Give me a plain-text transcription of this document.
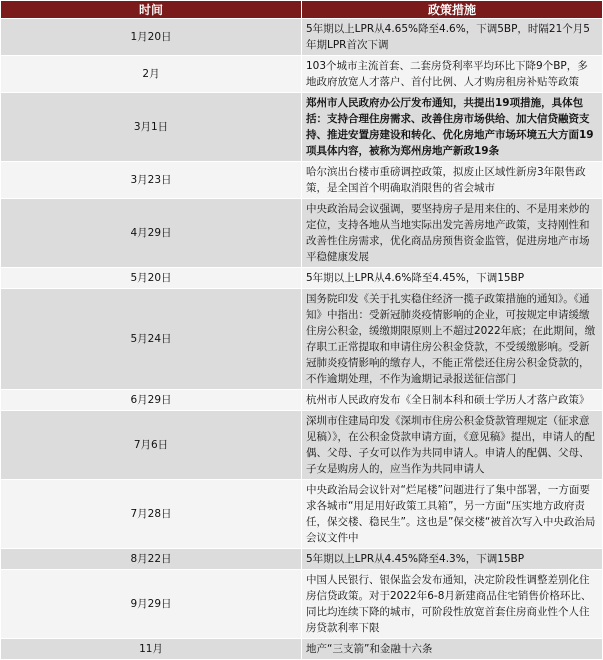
时间	政策措施
1月20日	5年期以上LPR从4.65%降至4.6%，下调5BP，时隔21个月5年期LPR首次下调
2月	103个城市主流首套、二套房贷利率平均环比下降9个BP，多地政府放宽人才落户、首付比例、人才购房租房补贴等政策
3月1日	郑州市人民政府办公厅发布通知，共提出19项措施，具体包括：支持合理住房需求、改善住房市场供给、加大信贷融资支持、推进安置房建设和转化、优化房地产市场环境五大方面19项具体内容，被称为郑州房地产新政19条
3月23日	哈尔滨出台楼市重磅调控政策，拟废止区域性新房3年限售政策，是全国首个明确取消限售的省会城市
4月29日	中央政治局会议强调，要坚持房子是用来住的、不是用来炒的定位，支持各地从当地实际出发完善房地产政策，支持刚性和改善性住房需求，优化商品房预售资金监管，促进房地产市场平稳健康发展
5月20日	5年期以上LPR从4.6%降至4.45%，下调15BP
5月24日	国务院印发《关于扎实稳住经济一揽子政策措施的通知》。《通知》中指出：受新冠肺炎疫情影响的企业，可按规定申请缓缴住房公积金，缓缴期限原则上不超过2022年底；在此期间，缴存职工正常提取和申请住房公积金贷款，不受缓缴影响。受新冠肺炎疫情影响的缴存人，不能正常偿还住房公积金贷款的，不作逾期处理，不作为逾期记录报送征信部门
6月29日	杭州市人民政府发布《全日制本科和硕士学历人才落户政策》
7月6日	深圳市住建局印发《深圳市住房公积金贷款管理规定（征求意见稿）》，在公积金贷款申请方面，《意见稿》提出，申请人的配偶、父母、子女可以作为共同申请人。申请人的配偶、父母、子女是购房人的，应当作为共同申请人
7月28日	中央政治局会议针对“烂尾楼”问题进行了集中部署，一方面要求各城市“用足用好政策工具箱”，另一方面“压实地方政府责任，保交楼、稳民生”。这也是”保交楼“被首次写入中央政治局会议文件中
8月22日	5年期以上LPR从4.45%降至4.3%，下调15BP
9月29日	中国人民银行、银保监会发布通知，决定阶段性调整差别化住房信贷政策。对于2022年6-8月新建商品住宅销售价格环比、同比均连续下降的城市，可阶段性放宽首套住房商业性个人住房贷款利率下限
11月	地产“三支箭”和金融十六条
